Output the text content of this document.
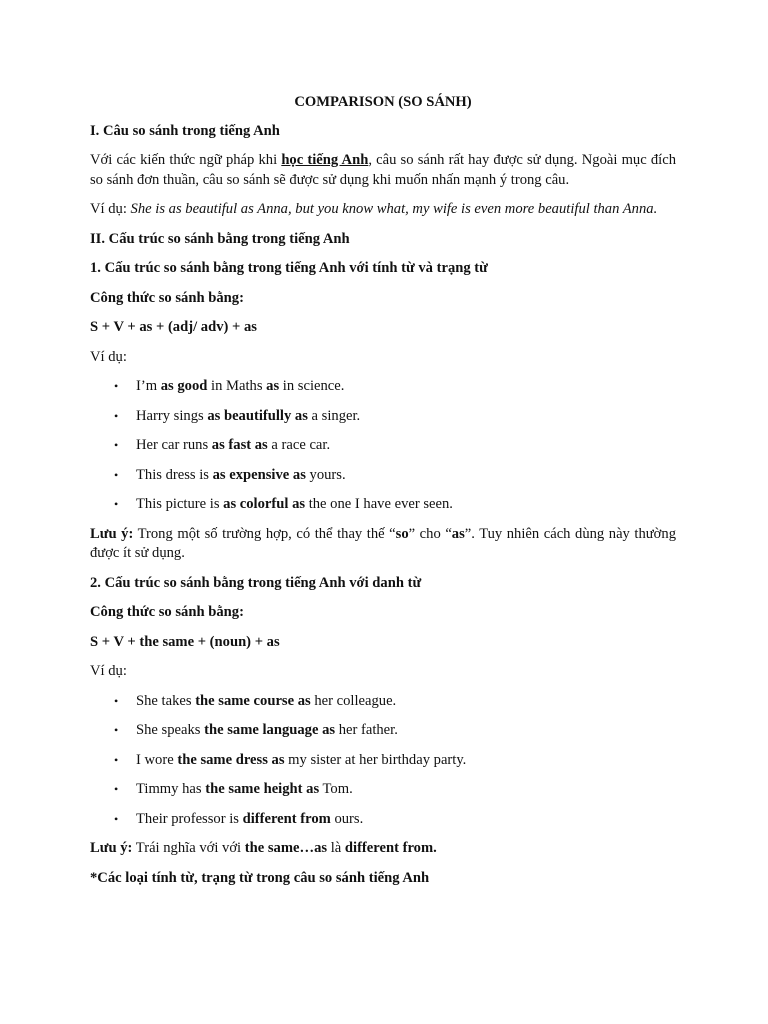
COMPARISON (SO SÁNH)
I. Câu so sánh trong tiếng Anh
Với các kiến thức ngữ pháp khi học tiếng Anh, câu so sánh rất hay được sử dụng. Ngoài mục đích so sánh đơn thuần, câu so sánh sẽ được sử dụng khi muốn nhấn mạnh ý trong câu.
Ví dụ: She is as beautiful as Anna, but you know what, my wife is even more beautiful than Anna.
II. Cấu trúc so sánh bằng trong tiếng Anh
1. Cấu trúc so sánh bằng trong tiếng Anh với tính từ và trạng từ
Công thức so sánh bằng:
S + V + as + (adj/ adv) + as
Ví dụ:
• I’m as good in Maths as in science.
• Harry sings as beautifully as a singer.
• Her car runs as fast as a race car.
• This dress is as expensive as yours.
• This picture is as colorful as the one I have ever seen.
Lưu ý: Trong một số trường hợp, có thể thay thế “so” cho “as”. Tuy nhiên cách dùng này thường được ít sử dụng.
2. Cấu trúc so sánh bằng trong tiếng Anh với danh từ
Công thức so sánh bằng:
S + V + the same + (noun) + as
Ví dụ:
• She takes the same course as her colleague.
• She speaks the same language as her father.
• I wore the same dress as my sister at her birthday party.
• Timmy has the same height as Tom.
• Their professor is different from ours.
Lưu ý: Trái nghĩa với với the same…as là different from.
*Các loại tính từ, trạng từ trong câu so sánh tiếng Anh
